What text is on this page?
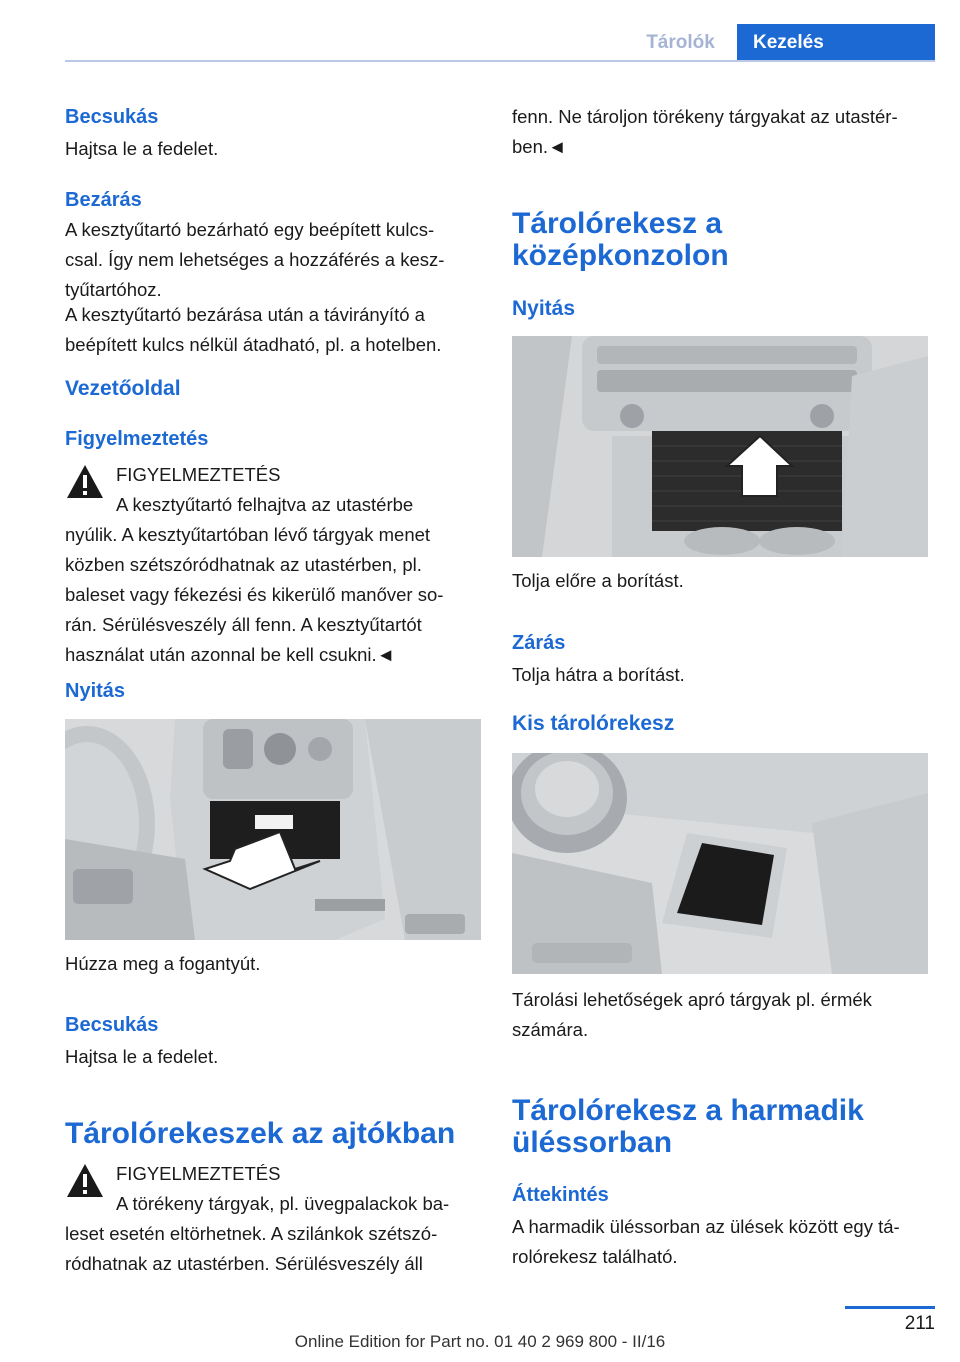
Tárolók	Kezelés
Becsukás
Hajtsa le a fedelet.
Bezárás
A kesztyűtartó bezárható egy beépített kulcs-
csal. Így nem lehetséges a hozzáférés a kesz-
tyűtartóhoz.
A kesztyűtartó bezárása után a távirányító a
beépített kulcs nélkül átadható, pl. a hotelben.
Vezetőoldal
Figyelmeztetés
FIGYELMEZTETÉS
A kesztyűtartó felhajtva az utastérbe
nyúlik. A kesztyűtartóban lévő tárgyak menet
közben szétszóródhatnak az utastérben, pl.
baleset vagy fékezési és kikerülő manőver so-
rán. Sérülésveszély áll fenn. A kesztyűtartót
használat után azonnal be kell csukni.◄
Nyitás
Húzza meg a fogantyút.
Becsukás
Hajtsa le a fedelet.
Tárolórekeszek az ajtókban
FIGYELMEZTETÉS
A törékeny tárgyak, pl. üvegpalackok ba-
leset esetén eltörhetnek. A szilánkok szétszó-
ródhatnak az utastérben. Sérülésveszély áll
fenn. Ne tároljon törékeny tárgyakat az utastér-
ben.◄
Tárolórekesz a
középkonzolon
Nyitás
Tolja előre a borítást.
Zárás
Tolja hátra a borítást.
Kis tárolórekesz
Tárolási lehetőségek apró tárgyak pl. érmék
számára.
Tárolórekesz a harmadik
üléssorban
Áttekintés
A harmadik üléssorban az ülések között egy tá-
rolórekesz található.
211
Online Edition for Part no. 01 40 2 969 800 - II/16
